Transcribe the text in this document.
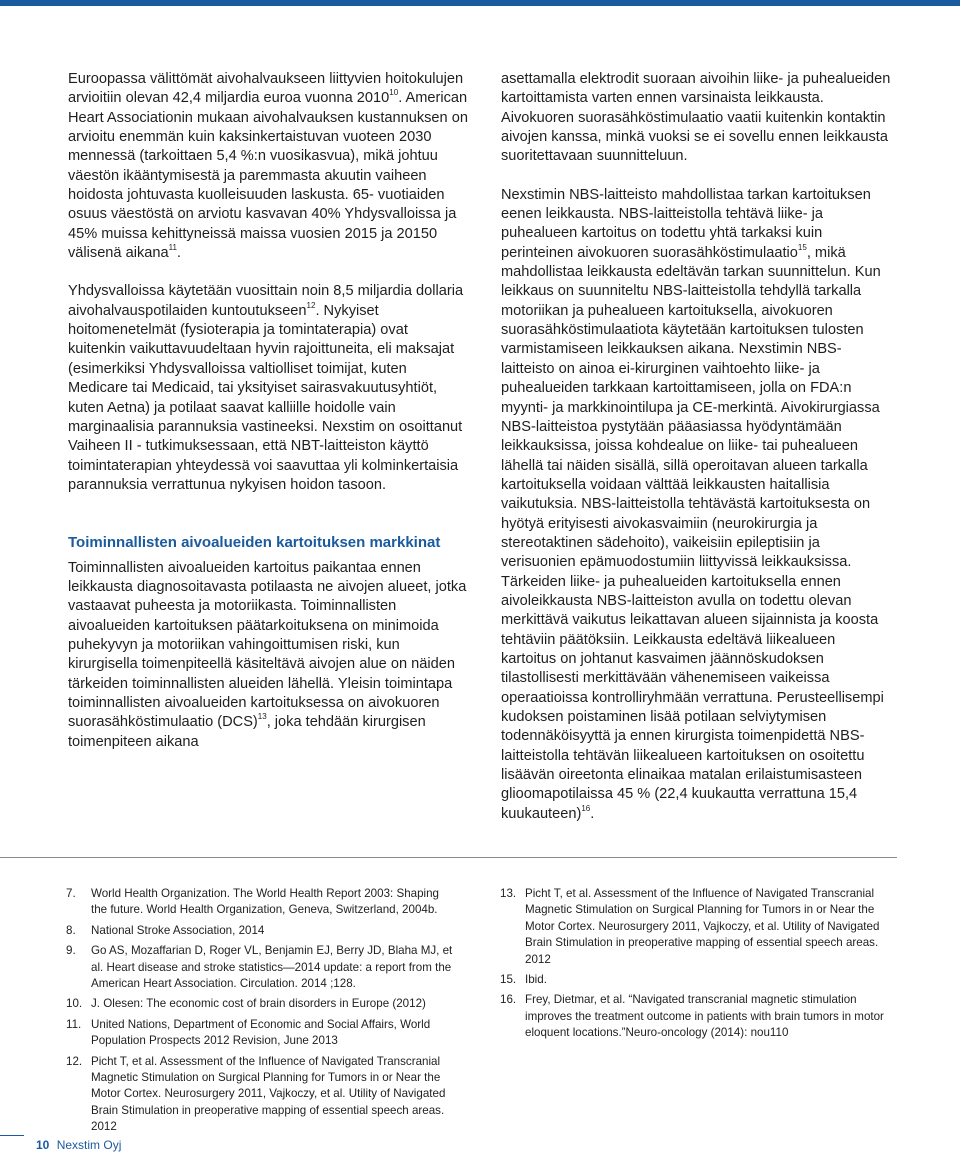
Euroopassa välittömät aivohalvaukseen liittyvien hoitokulujen arvioitiin olevan 42,4 miljardia euroa vuonna 2010$^{10}$. American Heart Associationin mukaan aivohalvauksen kustannuksen on arvioitu enemmän kuin kaksinkertaistuvan vuoteen 2030 mennessä (tarkoittaen 5,4 %:n vuosikasvua), mikä johtuu väestön ikääntymisestä ja paremmasta akuutin vaiheen hoidosta johtuvasta kuolleisuuden laskusta. 65- vuotiaiden osuus väestöstä on arviotu kasvavan 40% Yhdysvalloissa ja 45% muissa kehittyneissä maissa vuosien 2015 ja 20150 välisenä aikana$^{11}$.

Yhdysvalloissa käytetään vuosittain noin 8,5 miljardia dollaria aivohalvauspotilaiden kuntoutukseen$^{12}$. Nykyiset hoitomenetelmät (fysioterapia ja tomintaterapia) ovat kuitenkin vaikuttavuudeltaan hyvin rajoittuneita, eli maksajat (esimerkiksi Yhdysvalloissa valtiolliset toimijat, kuten Medicare tai Medicaid, tai yksityiset sairasvakuutusyhtiöt, kuten Aetna) ja potilaat saavat kalliille hoidolle vain marginaalisia parannuksia vastineeksi. Nexstim on osoittanut Vaiheen II - tutkimuksessaan, että NBT-laitteiston käyttö toimintaterapian yhteydessä voi saavuttaa yli kolminkertaisia parannuksia verrattunua nykyisen hoidon tasoon.

Toiminnallisten aivoalueiden kartoituksen markkinat

Toiminnallisten aivoalueiden kartoitus paikantaa ennen leikkausta diagnosoitavasta potilaasta ne aivojen alueet, jotka vastaavat puheesta ja motoriikasta. Toiminnallisten aivoalueiden kartoituksen päätarkoituksena on minimoida puhekyvyn ja motoriikan vahingoittumisen riski, kun kirurgisella toimenpiteellä käsiteltävä aivojen alue on näiden tärkeiden toiminnallisten alueiden lähellä. Yleisin toimintapa toiminnallisten aivoalueiden kartoituksessa on aivokuoren suorasähköstimulaatio (DCS)$^{13}$, joka tehdään kirurgisen toimenpiteen aikana

asettamalla elektrodit suoraan aivoihin liike- ja puhealueiden kartoittamista varten ennen varsinaista leikkausta. Aivokuoren suorasähköstimulaatio vaatii kuitenkin kontaktin aivojen kanssa, minkä vuoksi se ei sovellu ennen leikkausta suoritettavaan suunnitteluun.

Nexstimin NBS-laitteisto mahdollistaa tarkan kartoituksen eenen leikkausta. NBS-laitteistolla tehtävä liike- ja puhealueen kartoitus on todettu yhtä tarkaksi kuin perinteinen aivokuoren suorasähköstimulaatio$^{15}$, mikä mahdollistaa leikkausta edeltävän tarkan suunnittelun. Kun leikkaus on suunniteltu NBS-laitteistolla tehdyllä tarkalla motoriikan ja puhealueen kartoituksella, aivokuoren suorasähköstimulaatiota käytetään kartoituksen tulosten varmistamiseen leikkauksen aikana. Nexstimin NBS-laitteisto on ainoa ei-kirurginen vaihtoehto liike- ja puhealueiden tarkkaan kartoittamiseen, jolla on FDA:n myynti- ja markkinointilupa ja CE-merkintä. Aivokirurgiassa NBS-laitteistoa pystytään pääasiassa hyödyntämään leikkauksissa, joissa kohdealue on liike- tai puhealueen lähellä tai näiden sisällä, sillä operoitavan alueen tarkalla kartoituksella voidaan välttää leikkausten haitallisia vaikutuksia. NBS-laitteistolla tehtävästä kartoituksesta on hyötyä erityisesti aivokasvaimiin (neurokirurgia ja stereotaktinen sädehoito), vaikeisiin epileptisiin ja verisuonien epämuodostumiin liittyvissä leikkauksissa. Tärkeiden liike- ja puhealueiden kartoituksella ennen aivoleikkausta NBS-laitteiston avulla on todettu olevan merkittävä vaikutus leikattavan alueen sijainnista ja koosta tehtäviin päätöksiin. Leikkausta edeltävä liikealueen kartoitus on johtanut kasvaimen jäännöskudoksen tilastollisesti merkittävään vähenemiseen vaikeissa operaatioissa kontrolliryhmään verrattuna. Perusteellisempi kudoksen poistaminen lisää potilaan selviytymisen todennäköisyyttä ja ennen kirurgista toimenpidettä NBS-laitteistolla tehtävän liikealueen kartoituksen on osoitettu lisäävän oireetonta elinaikaa matalan erilaistumisasteen glioomapotilaissa 45 % (22,4 kuukautta verrattuna 15,4 kuukauteen)$^{16}$.

7. World Health Organization. The World Health Report 2003: Shaping the future. World Health Organization, Geneva, Switzerland, 2004b.
8. National Stroke Association, 2014
9. Go AS, Mozaffarian D, Roger VL, Benjamin EJ, Berry JD, Blaha MJ, et al. Heart disease and stroke statistics—2014 update: a report from the American Heart Association. Circulation. 2014 ;128.
10. J. Olesen: The economic cost of brain disorders in Europe (2012)
11. United Nations, Department of Economic and Social Affairs, World Population Prospects 2012 Revision, June 2013
12. Picht T, et al. Assessment of the Influence of Navigated Transcranial Magnetic Stimulation on Surgical Planning for Tumors in or Near the Motor Cortex. Neurosurgery 2011, Vajkoczy, et al. Utility of Navigated Brain Stimulation in preoperative mapping of essential speech areas. 2012
13. Picht T, et al. Assessment of the Influence of Navigated Transcranial Magnetic Stimulation on Surgical Planning for Tumors in or Near the Motor Cortex. Neurosurgery 2011, Vajkoczy, et al. Utility of Navigated Brain Stimulation in preoperative mapping of essential speech areas. 2012
15. Ibid.
16. Frey, Dietmar, et al. “Navigated transcranial magnetic stimulation improves the treatment outcome in patients with brain tumors in motor eloquent locations.”Neuro-oncology (2014): nou110
10 Nexstim Oyj
